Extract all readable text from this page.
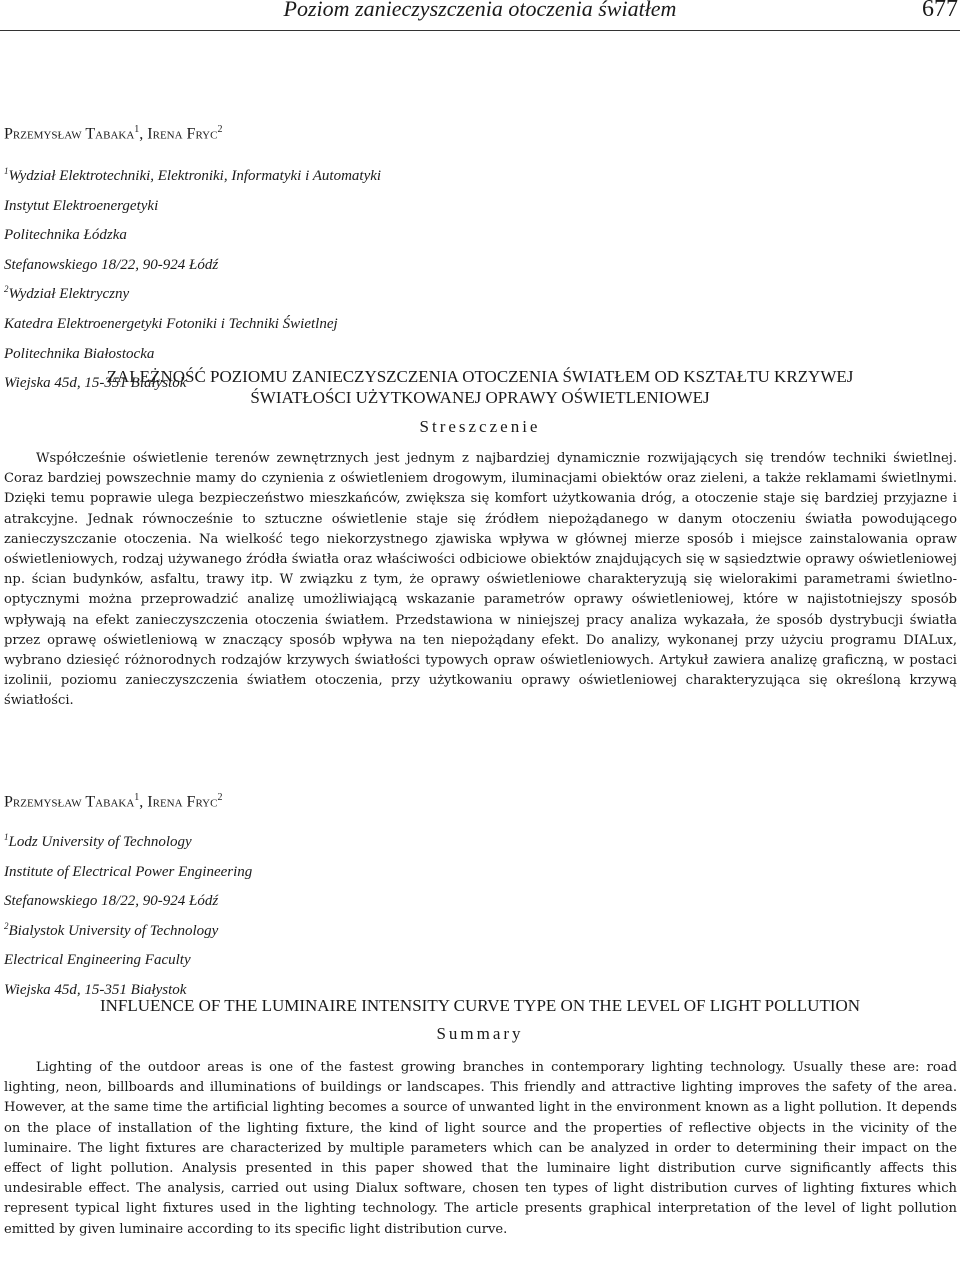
Poziom zanieczyszczenia otoczenia światłem	677
Przemysław Tabaka$^1$, Irena Fryc$^2$
$^1$Wydział Elektrotechniki, Elektroniki, Informatyki i Automatyki
Instytut Elektroenergetyki
Politechnika Łódzka
Stefanowskiego 18/22, 90-924 Łódź
$^2$Wydział Elektryczny
Katedra Elektroenergetyki Fotoniki i Techniki Świetlnej
Politechnika Białostocka
Wiejska 45d, 15-351 Białystok
ZALEŻNOŚĆ POZIOMU ZANIECZYSZCZENIA OTOCZENIA ŚWIATŁEM OD KSZTAŁTU KRZYWEJ
ŚWIATŁOŚCI UŻYTKOWANEJ OPRAWY OŚWIETLENIOWEJ
Streszczenie

Współcześnie oświetlenie terenów zewnętrznych jest jednym z najbardziej dynamicznie rozwijających się trendów techniki świetlnej. Coraz bardziej powszechnie mamy do czynienia z oświetleniem drogowym, iluminacjami obiektów oraz zieleni, a także reklamami świetlnymi. Dzięki temu poprawie ulega bezpieczeństwo mieszkańców, zwiększa się komfort użytkowania dróg, a otoczenie staje się bardziej przyjazne i atrakcyjne. Jednak równocześnie to sztuczne oświetlenie staje się źródłem niepożądanego w danym otoczeniu światła powodującego zanieczyszczanie otoczenia. Na wielkość tego niekorzystnego zjawiska wpływa w głównej mierze sposób i miejsce zainstalowania opraw oświetleniowych, rodzaj używanego źródła światła oraz właściwości odbiciowe obiektów znajdujących się w sąsiedztwie oprawy oświetleniowej np. ścian budynków, asfaltu, trawy itp. W związku z tym, że oprawy oświetleniowe charakteryzują się wielorakimi parametrami świetlno-optycznymi można przeprowadzić analizę umożliwiającą wskazanie parametrów oprawy oświetleniowej, które w najistotniejszy sposób wpływają na efekt zanieczyszczenia otoczenia światłem. Przedstawiona w niniejszej pracy analiza wykazała, że sposób dystrybucji światła przez oprawę oświetleniową w znaczący sposób wpływa na ten niepożądany efekt. Do analizy, wykonanej przy użyciu programu DIALux, wybrano dziesięć różnorodnych rodzajów krzywych światłości typowych opraw oświetleniowych. Artykuł zawiera analizę graficzną, w postaci izolinii, poziomu zanieczyszczenia światłem otoczenia, przy użytkowaniu oprawy oświetleniowej charakteryzująca się określoną krzywą światłości.

Przemysław Tabaka$^1$, Irena Fryc$^2$
$^1$Lodz University of Technology
Institute of Electrical Power Engineering
Stefanowskiego 18/22, 90-924 Łódź
$^2$Bialystok University of Technology
Electrical Engineering Faculty
Wiejska 45d, 15-351 Białystok
INFLUENCE OF THE LUMINAIRE INTENSITY CURVE TYPE ON THE LEVEL OF LIGHT POLLUTION
Summary

Lighting of the outdoor areas is one of the fastest growing branches in contemporary lighting technology. Usually these are: road lighting, neon, billboards and illuminations of buildings or landscapes. This friendly and attractive lighting improves the safety of the area. However, at the same time the artificial lighting becomes a source of unwanted light in the environment known as a light pollution. It depends on the place of installation of the lighting fixture, the kind of light source and the properties of reflective objects in the vicinity of the luminaire. The light fixtures are characterized by multiple parameters which can be analyzed in order to determining their impact on the effect of light pollution. Analysis presented in this paper showed that the luminaire light distribution curve significantly affects this undesirable effect. The analysis, carried out using Dialux software, chosen ten types of light distribution curves of lighting fixtures which represent typical light fixtures used in the lighting technology. The article presents graphical interpretation of the level of light pollution emitted by given luminaire according to its specific light distribution curve.
